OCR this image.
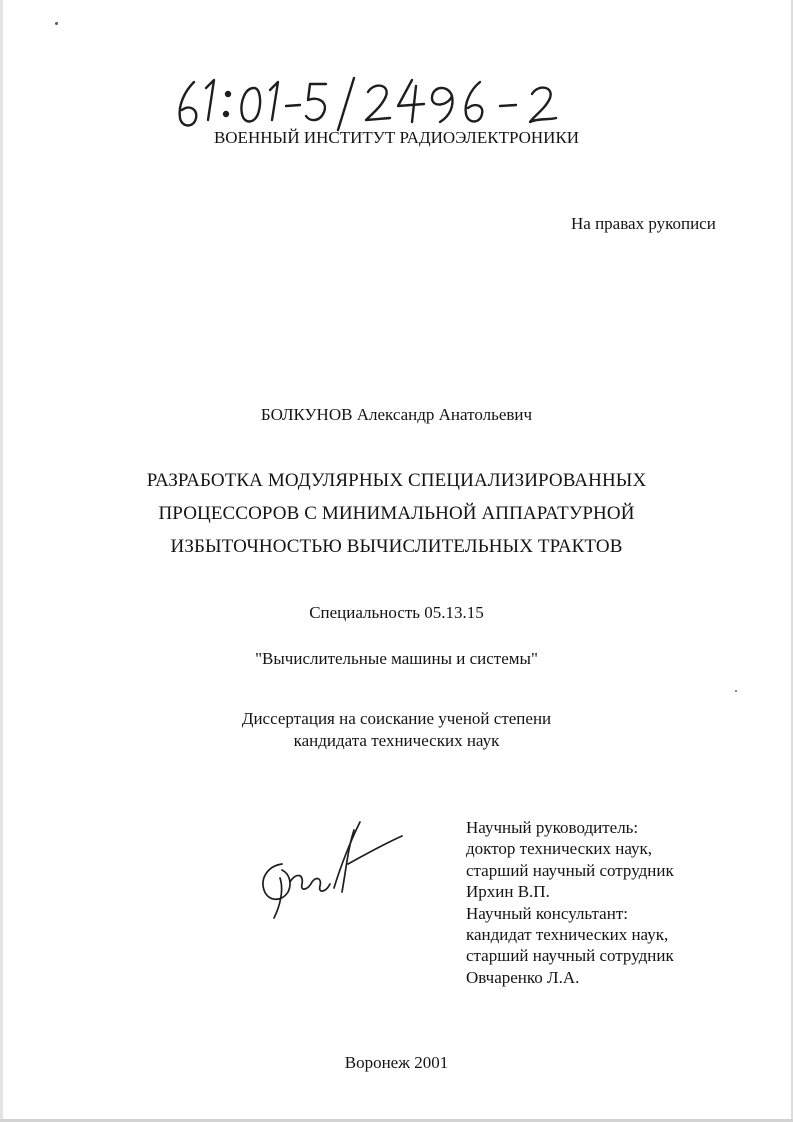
ВОЕННЫЙ ИНСТИТУТ РАДИОЭЛЕКТРОНИКИ
На правах рукописи
БОЛКУНОВ Александр Анатольевич
РАЗРАБОТКА МОДУЛЯРНЫХ СПЕЦИАЛИЗИРОВАННЫХ
ПРОЦЕССОРОВ С МИНИМАЛЬНОЙ АППАРАТУРНОЙ
ИЗБЫТОЧНОСТЬЮ ВЫЧИСЛИТЕЛЬНЫХ ТРАКТОВ
Специальность 05.13.15
"Вычислительные машины и системы"
Диссертация на соискание ученой степени
кандидата технических наук
Научный руководитель:
доктор технических наук,
старший научный сотрудник
Ирхин В.П.
Научный консультант:
кандидат технических наук,
старший научный сотрудник
Овчаренко Л.А.
Воронеж 2001
